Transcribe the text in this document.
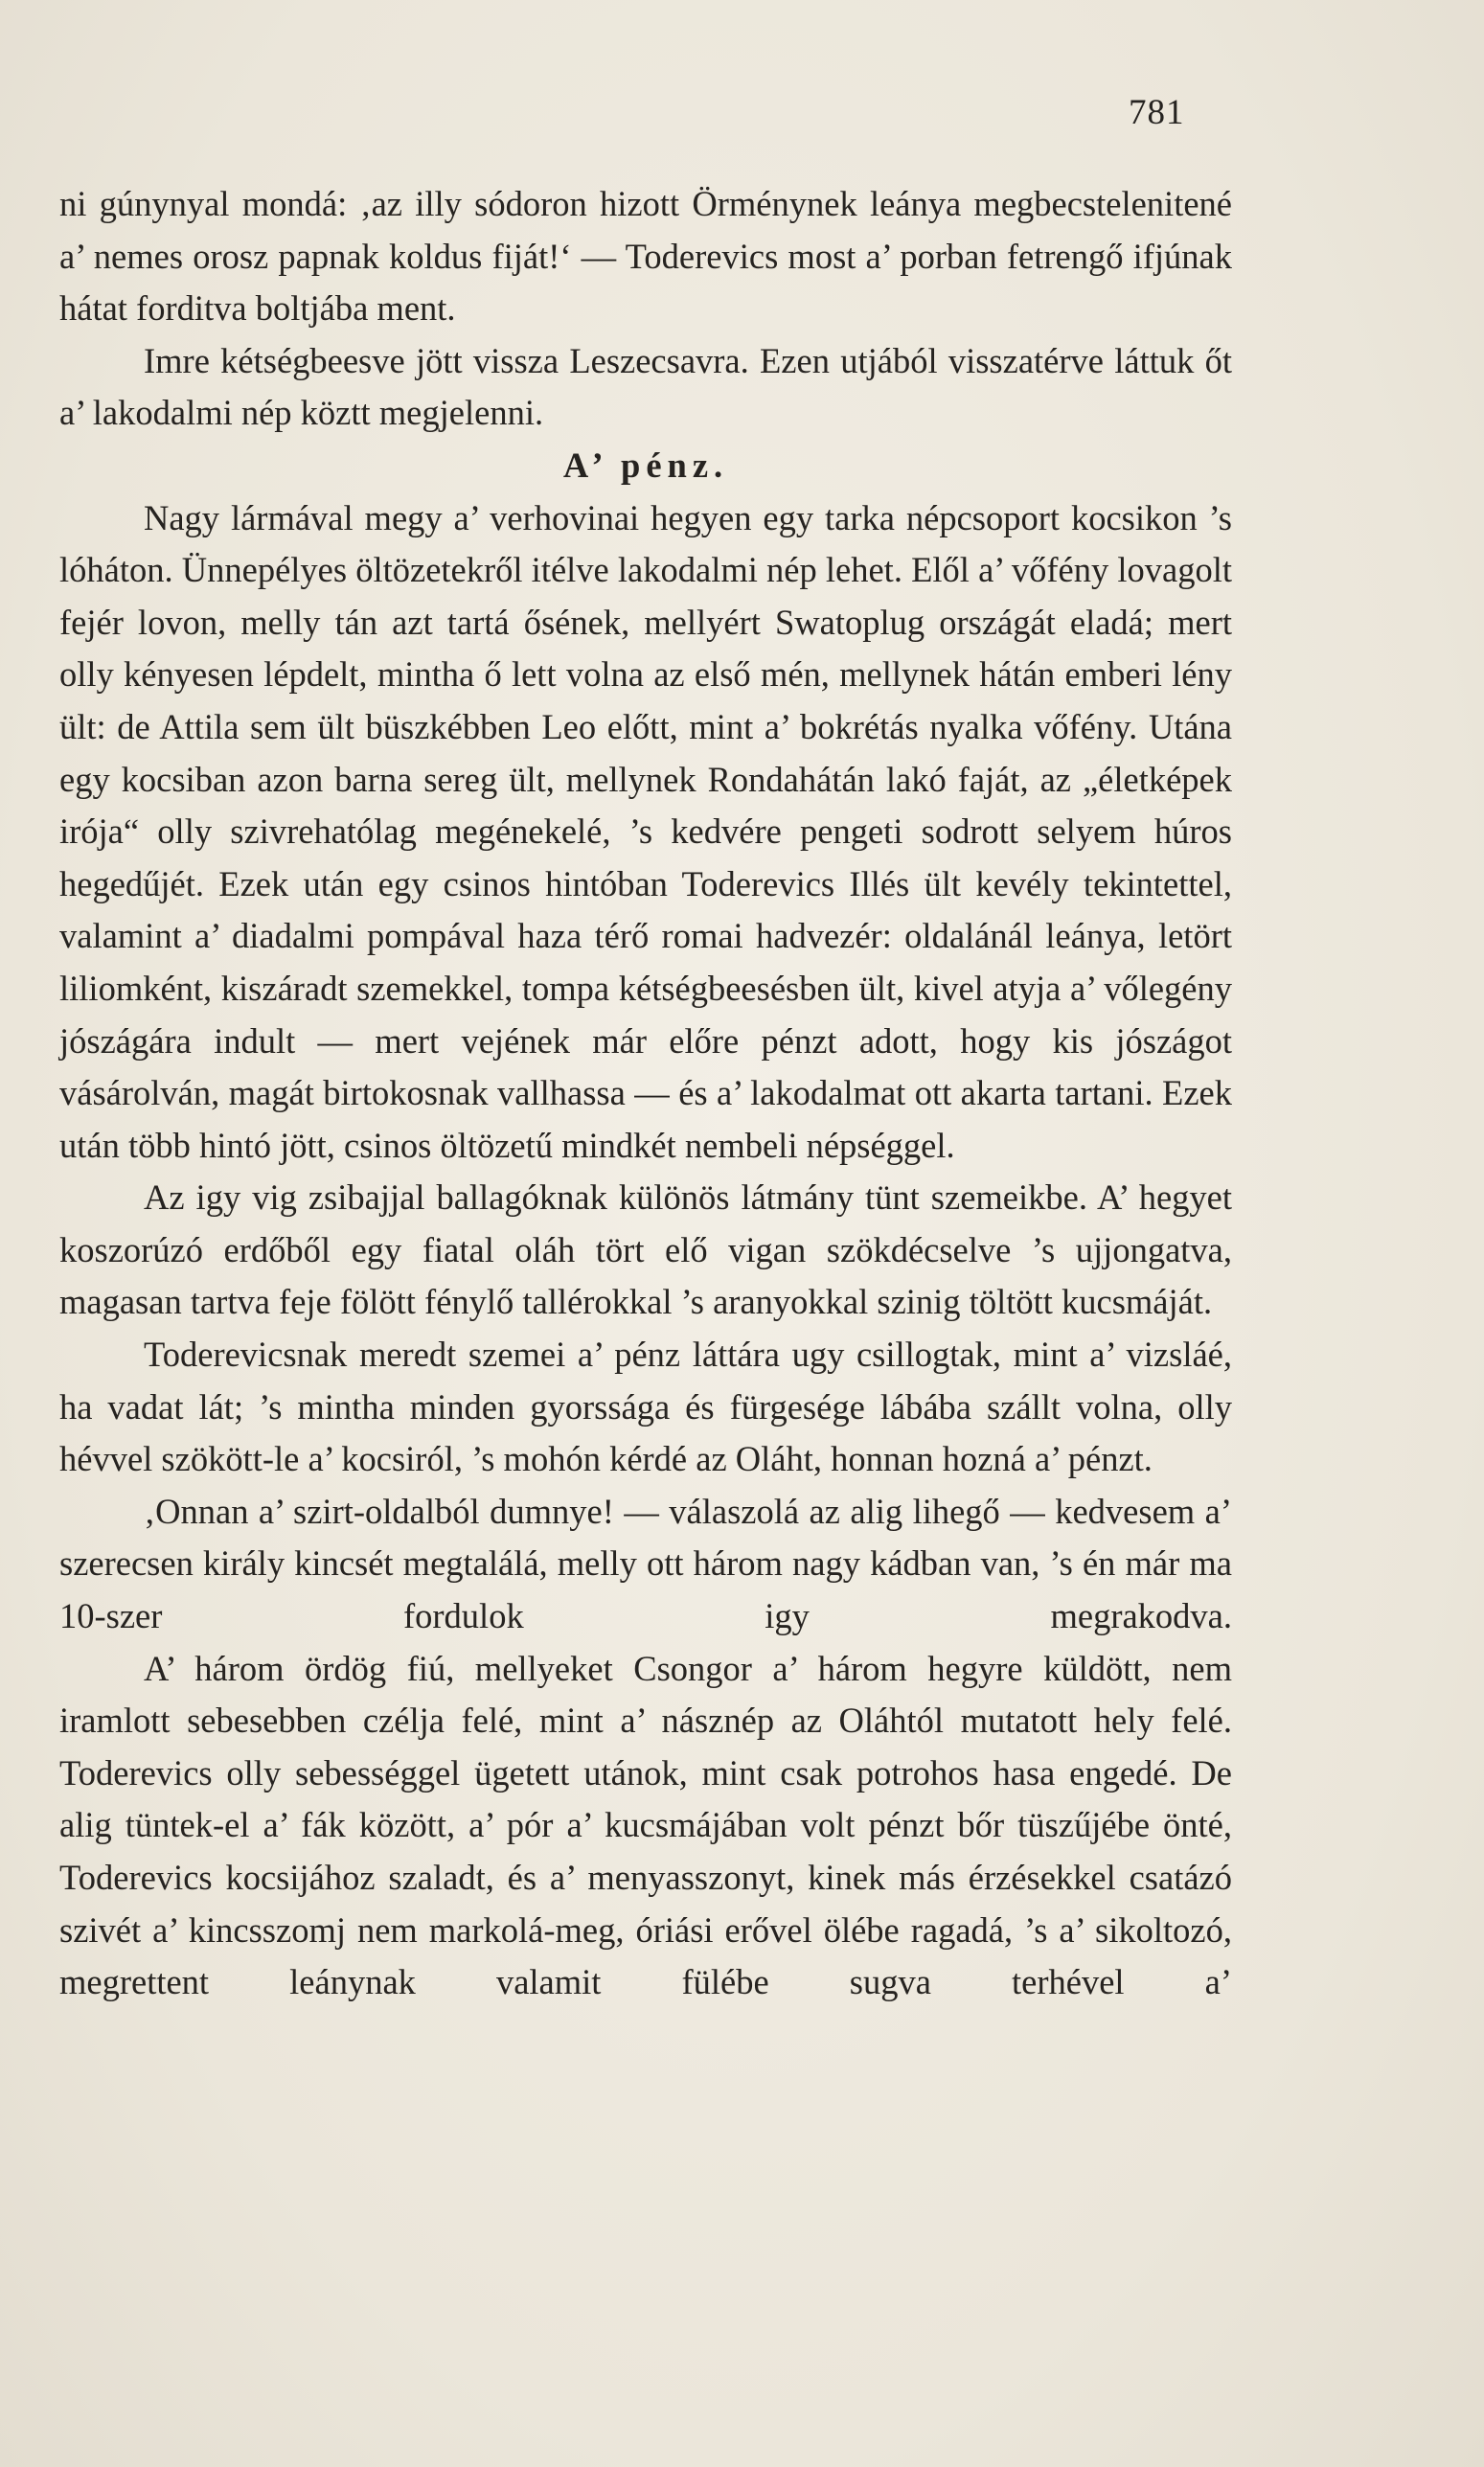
781

ni gúnynyal mondá: ‚az illy sódoron hizott Örménynek leánya megbecstelenitené a’ nemes orosz papnak koldus fiját!‘ — Toderevics most a’ porban fetrengő ifjúnak hátat forditva boltjába ment.

Imre kétségbeesve jött vissza Leszecsavra. Ezen utjából visszatérve láttuk őt a’ lakodalmi nép köztt megjelenni.

A’ pénz.

Nagy lármával megy a’ verhovinai hegyen egy tarka népcsoport kocsikon ’s lóháton. Ünnepélyes öltözetekről itélve lakodalmi nép lehet. Elől a’ vőfény lovagolt fejér lovon, melly tán azt tartá ősének, mellyért Swatoplug országát eladá; mert olly kényesen lépdelt, mintha ő lett volna az első mén, mellynek hátán emberi lény ült: de Attila sem ült büszkébben Leo előtt, mint a’ bokrétás nyalka vőfény. Utána egy kocsiban azon barna sereg ült, mellynek Rondahátán lakó faját, az „életképek irója“ olly szivrehatólag megénekelé, ’s kedvére pengeti sodrott selyem húros hegedűjét. Ezek után egy csinos hintóban Toderevics Illés ült kevély tekintettel, valamint a’ diadalmi pompával haza térő romai hadvezér: oldalánál leánya, letört liliomként, kiszáradt szemekkel, tompa kétségbeesésben ült, kivel atyja a’ vőlegény jószágára indult — mert vejének már előre pénzt adott, hogy kis jószágot vásárolván, magát birtokosnak vallhassa — és a’ lakodalmat ott akarta tartani. Ezek után több hintó jött, csinos öltözetű mindkét nembeli népséggel.

Az igy vig zsibajjal ballagóknak különös látmány tünt szemeikbe. A’ hegyet koszorúzó erdőből egy fiatal oláh tört elő vigan szökdécselve ’s ujjongatva, magasan tartva feje fölött fénylő tallérokkal ’s aranyokkal szinig töltött kucsmáját.

Toderevicsnak meredt szemei a’ pénz láttára ugy csillogtak, mint a’ vizsláé, ha vadat lát; ’s mintha minden gyorssága és fürgesége lábába szállt volna, olly hévvel szökött-le a’ kocsiról, ’s mohón kérdé az Oláht, honnan hozná a’ pénzt.

‚Onnan a’ szirt-oldalból dumnye! — válaszolá az alig lihegő — kedvesem a’ szerecsen király kincsét megtalálá, melly ott három nagy kádban van, ’s én már ma 10-szer fordulok igy megrakodva.

A’ három ördög fiú, mellyeket Csongor a’ három hegyre küldött, nem iramlott sebesebben czélja felé, mint a’ násznép az Oláhtól mutatott hely felé. Toderevics olly sebességgel ügetett utánok, mint csak potrohos hasa engedé. De alig tüntek-el a’ fák között, a’ pór a’ kucsmájában volt pénzt bőr tüszűjébe önté, Toderevics kocsijához szaladt, és a’ menyasszonyt, kinek más érzésekkel csatázó szivét a’ kincsszomj nem markolá-meg, óriási erővel ölébe ragadá, ’s a’ sikoltozó, megrettent leánynak valamit fülébe sugva terhével a’
